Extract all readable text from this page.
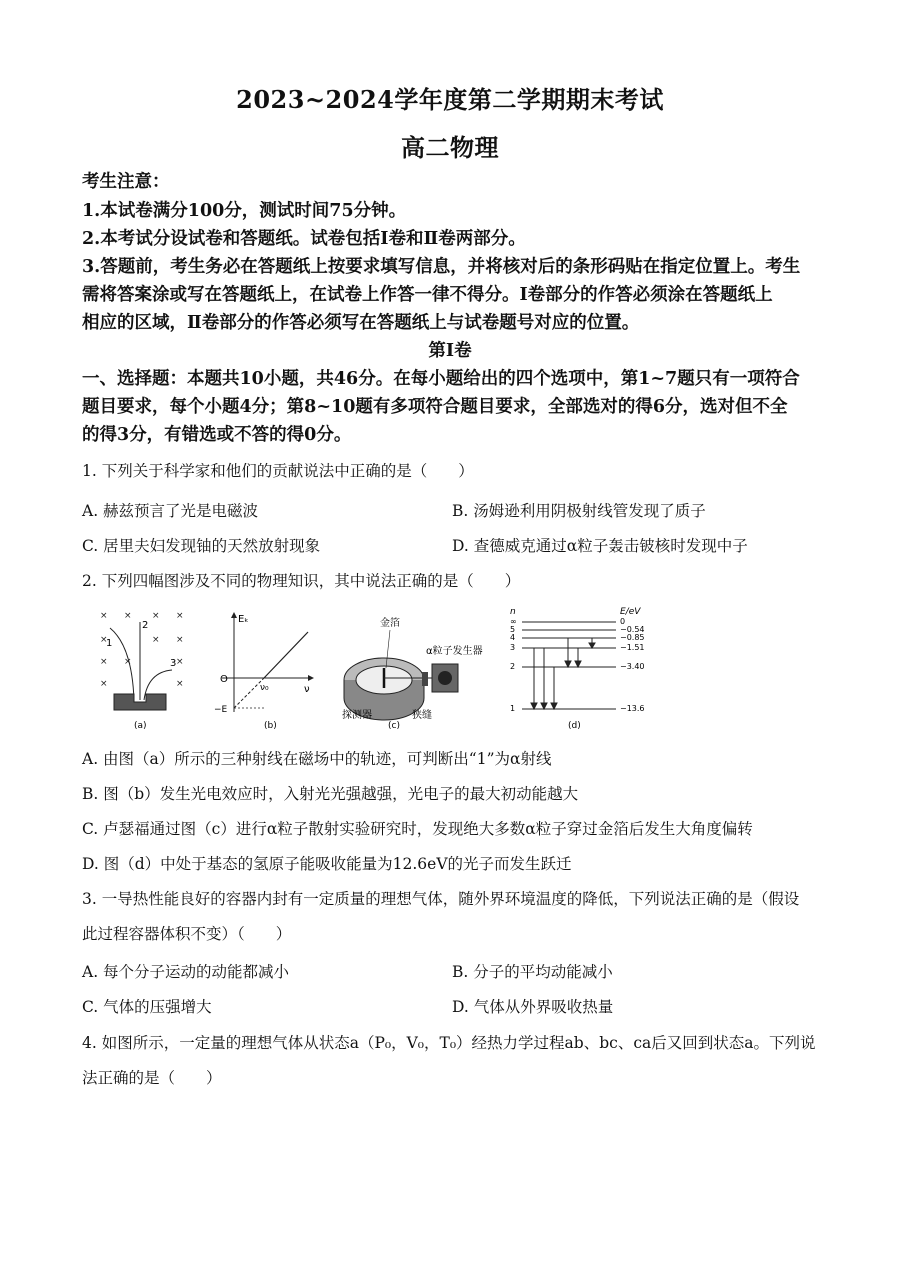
2023~2024学年度第二学期期末考试
高二物理
考生注意：
1.本试卷满分100分，测试时间75分钟。
2.本考试分设试卷和答题纸。试卷包括Ⅰ卷和Ⅱ卷两部分。
3.答题前，考生务必在答题纸上按要求填写信息，并将核对后的条形码贴在指定位置上。考生
需将答案涂或写在答题纸上，在试卷上作答一律不得分。Ⅰ卷部分的作答必须涂在答题纸上
相应的区域，Ⅱ卷部分的作答必须写在答题纸上与试卷题号对应的位置。
第Ⅰ卷
一、选择题：本题共10小题，共46分。在每小题给出的四个选项中，第1~7题只有一项符合
题目要求，每个小题4分；第8~10题有多项符合题目要求，全部选对的得6分，选对但不全
的得3分，有错选或不答的得0分。
1. 下列关于科学家和他们的贡献说法中正确的是（　　）
A. 赫兹预言了光是电磁波	B. 汤姆逊利用阴极射线管发现了质子
C. 居里夫妇发现铀的天然放射现象	D. 查德威克通过α粒子轰击铍核时发现中子
2. 下列四幅图涉及不同的物理知识，其中说法正确的是（　　）
× × × ×
×	× ×
× ×	×
×	×
1
2
3
(a)
Eₖ
ν
O
ν₀
−E
(b)
金箔
α粒子发生器
探测器	狭缝
(c)
n	E/eV
∞
5
4
3
2
1
0
−0.54
−0.85
−1.51
−3.40
−13.6
(d)
A. 由图（a）所示的三种射线在磁场中的轨迹，可判断出“1”为α射线
B. 图（b）发生光电效应时，入射光光强越强，光电子的最大初动能越大
C. 卢瑟福通过图（c）进行α粒子散射实验研究时，发现绝大多数α粒子穿过金箔后发生大角度偏转
D. 图（d）中处于基态的氢原子能吸收能量为12.6eV的光子而发生跃迁
3. 一导热性能良好的容器内封有一定质量的理想气体，随外界环境温度的降低，下列说法正确的是（假设
此过程容器体积不变）（　　）
A. 每个分子运动的动能都减小	B. 分子的平均动能减小
C. 气体的压强增大	D. 气体从外界吸收热量
4. 如图所示，一定量的理想气体从状态a（P₀，V₀，T₀）经热力学过程ab、bc、ca后又回到状态a。下列说
法正确的是（　　）
